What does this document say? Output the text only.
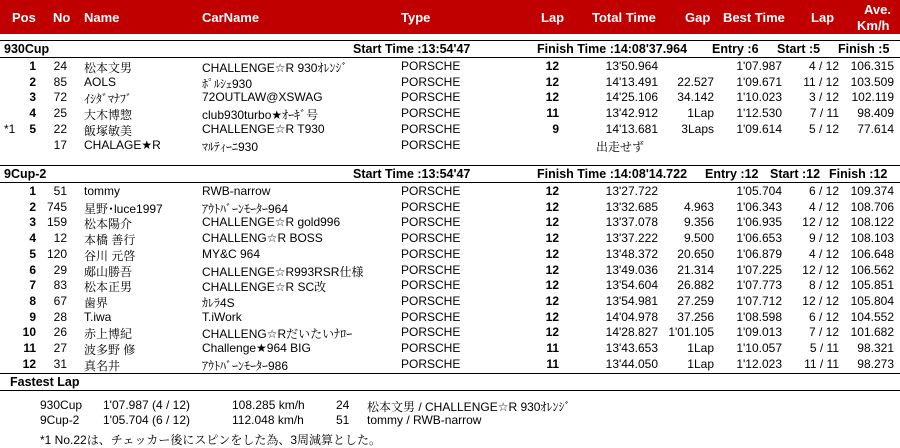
Pos No Name	CarName	Type	Lap Total Time Gap Best Time Lap
Ave.
Km/h
930Cup	Start Time :13:54'47	Finish Time :14:08'37.964 Entry :6 Start :5 Finish :5
1 24 松本文男	CHALLENGE☆R 930ｵﾚﾝｼﾞ	PORSCHE	12	13'50.964	1'07.987 4 / 12 106.315
2 85 AOLS	ﾎﾟﾙｼｪ930	PORSCHE	12	14'13.491 22.527 1'09.671 11 / 12 103.509
3 72 ｲｼﾀﾞﾏﾅﾌﾞ	72OUTLAW@XSWAG	PORSCHE	12	14'25.106 34.142 1'10.023 3 / 12 102.119
4 25 大木博惣	club930turbo★ｵｰｷﾞ号	PORSCHE	11	13'42.912 1Lap 1'12.530 7 / 11 98.409
*1 5 22 飯塚敏美	CHALLENGE☆R T930	PORSCHE	9	14'13.681 3Laps 1'09.614 5 / 12 77.614
17 CHALAGE★R	ﾏﾙﾃｨｰﾆ930	PORSCHE	出走せず
9Cup-2	Start Time :13:54'47	Finish Time :14:08'14.722 Entry :12 Start :12 Finish :12
1 51 tommy	RWB-narrow	PORSCHE	12	13'27.722	1'05.704 6 / 12 109.374
2 745 星野･luce1997	ｱｳﾄﾊﾞｰﾝﾓｰﾀｰ964	PORSCHE	12	13'32.685 4.963 1'06.343 4 / 12 108.706
3 159 松本陽介	CHALLENGE☆R gold996	PORSCHE	12	13'37.078 9.356 1'06.935 12 / 12 108.122
4 12 本橋 善行	CHALLENG☆R BOSS	PORSCHE	12	13'37.222 9.500 1'06.653 9 / 12 108.103
5 120 谷川 元啓	MY&C 964	PORSCHE	12	13'48.372 20.650 1'06.879 4 / 12 106.648
6 29 郕山勝吾	CHALLENGE☆R993RSR仕様	PORSCHE	12	13'49.036 21.314 1'07.225 12 / 12 106.562
7 83 松本正男	CHALLENGE☆R SC改	PORSCHE	12	13'54.604 26.882 1'07.773 8 / 12 105.851
8 67 歯界	ｶﾚﾗ4S	PORSCHE	12	13'54.981 27.259 1'07.712 12 / 12 105.804
9 28 T.iwa	T.iWork	PORSCHE	12	14'04.978 37.256 1'08.598 6 / 12 104.552
10 26 赤上博紀	CHALLENG☆Rだいたいﾅﾛｰ	PORSCHE	12	14'28.827 1'01.105 1'09.013 7 / 12 101.682
11 27 波多野 修	Challenge★964 BIG	PORSCHE	11	13'43.653 1Lap 1'10.057 5 / 11 98.321
12 31 真名井	ｱｳﾄﾊﾞｰﾝﾓｰﾀｰ986	PORSCHE	11	13'44.050 1Lap 1'12.023 11 / 11 98.273
Fastest Lap
930Cup 1'07.987 (4 / 12)	108.285 km/h	24 松本文男 / CHALLENGE☆R 930ｵﾚﾝｼﾞ
9Cup-2 1'05.704 (6 / 12)	112.048 km/h	51 tommy / RWB-narrow
*1 No.22は、チェッカー後にスピンをした為、3周減算とした。
